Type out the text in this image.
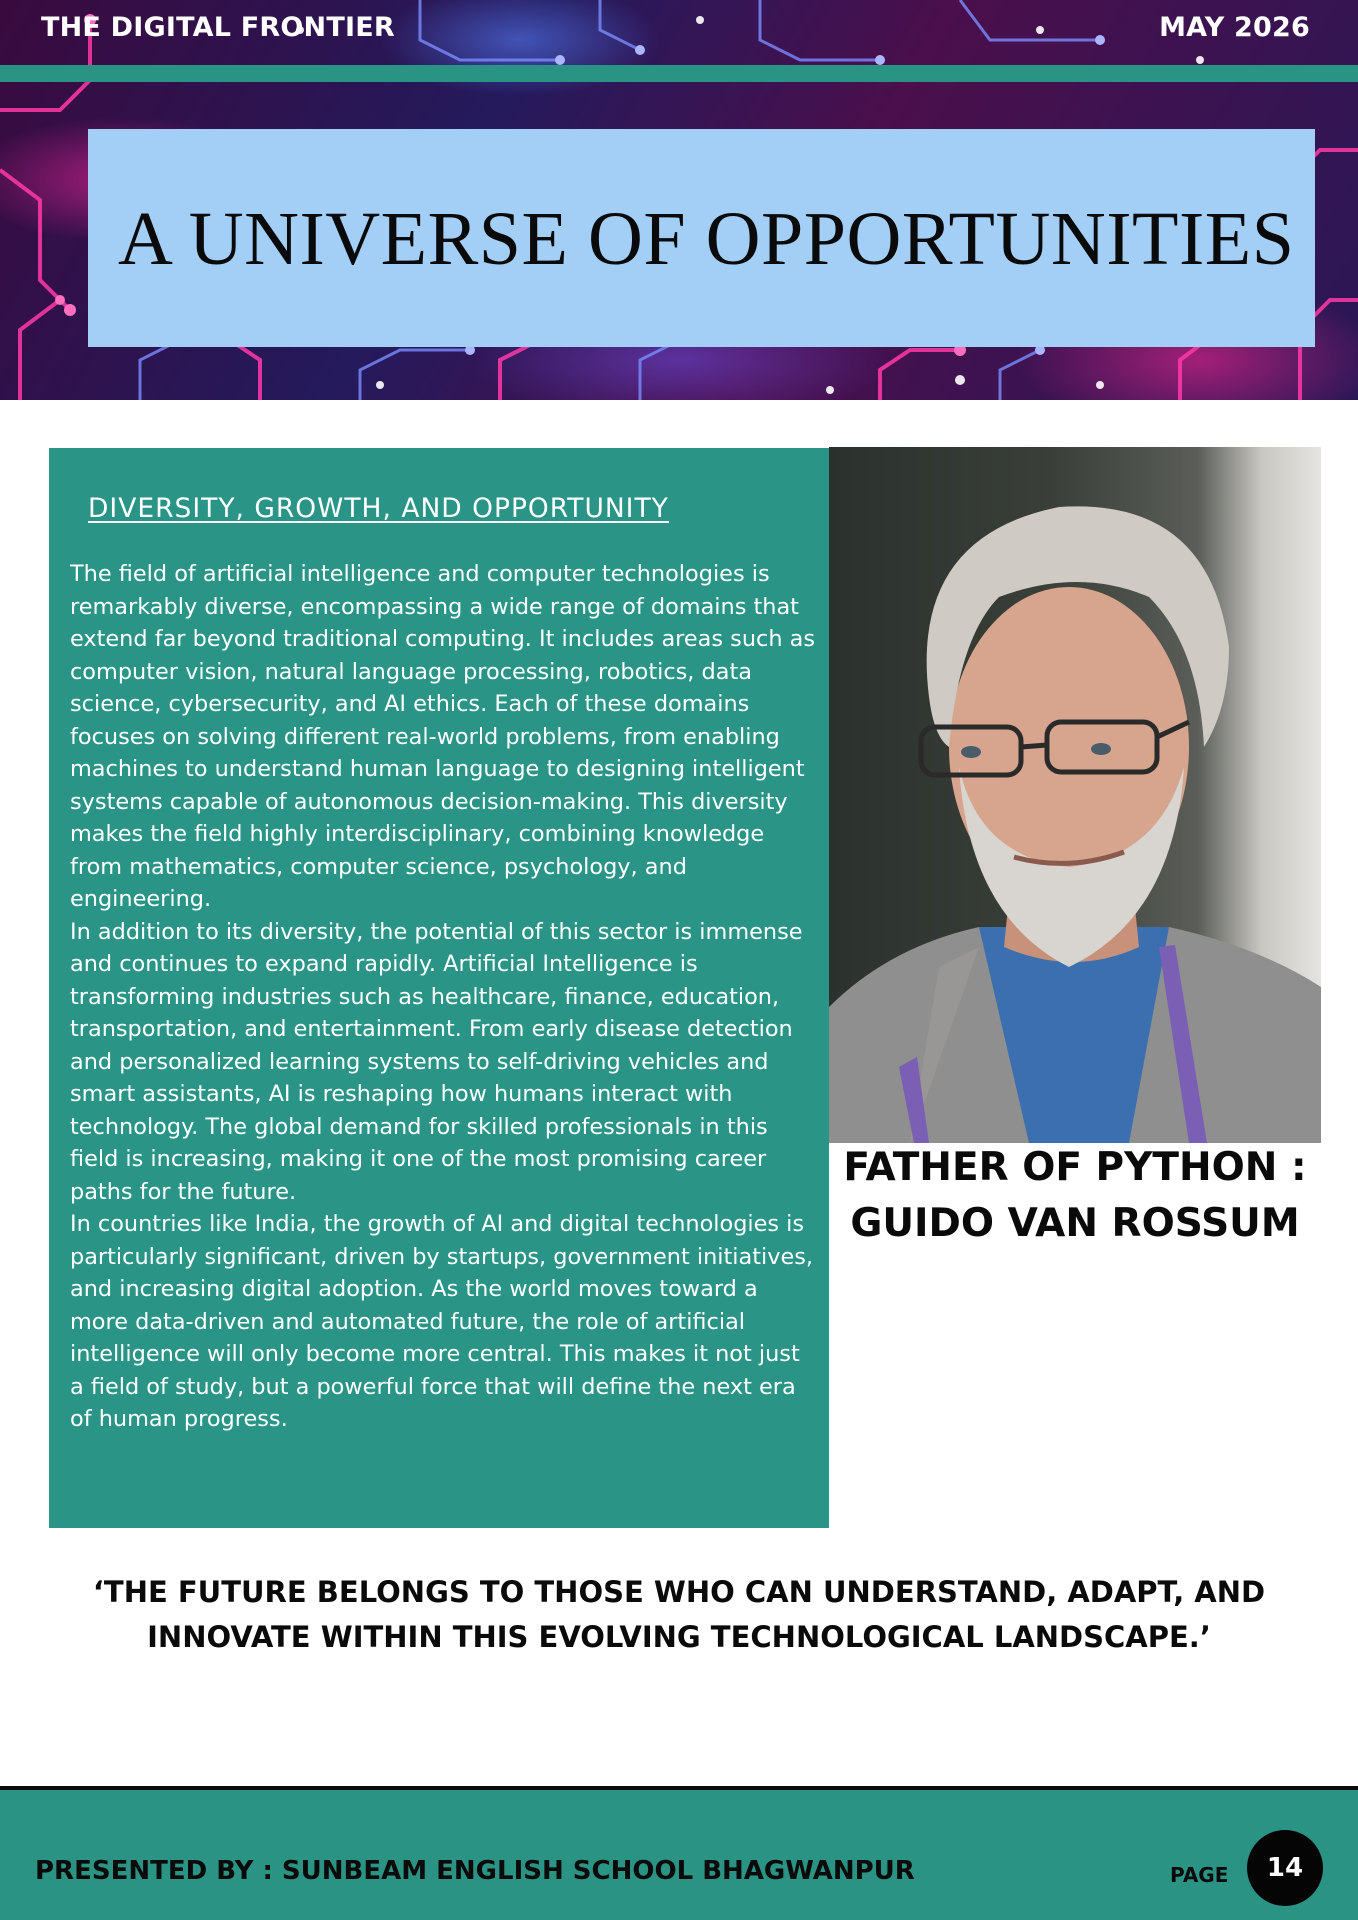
THE DIGITAL FRONTIER	MAY 2026
A UNIVERSE OF OPPORTUNITIES
DIVERSITY, GROWTH, AND OPPORTUNITY

The field of artificial intelligence and computer technologies is remarkably diverse, encompassing a wide range of domains that extend far beyond traditional computing. It includes areas such as computer vision, natural language processing, robotics, data science, cybersecurity, and AI ethics. Each of these domains focuses on solving different real-world problems, from enabling machines to understand human language to designing intelligent systems capable of autonomous decision-making. This diversity makes the field highly interdisciplinary, combining knowledge from mathematics, computer science, psychology, and engineering.

In addition to its diversity, the potential of this sector is immense and continues to expand rapidly. Artificial Intelligence is transforming industries such as healthcare, finance, education, transportation, and entertainment. From early disease detection and personalized learning systems to self-driving vehicles and smart assistants, AI is reshaping how humans interact with technology. The global demand for skilled professionals in this field is increasing, making it one of the most promising career paths for the future.

In countries like India, the growth of AI and digital technologies is particularly significant, driven by startups, government initiatives, and increasing digital adoption. As the world moves toward a more data-driven and automated future, the role of artificial intelligence will only become more central. This makes it not just a field of study, but a powerful force that will define the next era of human progress.

FATHER OF PYTHON :
GUIDO VAN ROSSUM

‘THE FUTURE BELONGS TO THOSE WHO CAN UNDERSTAND, ADAPT, AND INNOVATE WITHIN THIS EVOLVING TECHNOLOGICAL LANDSCAPE.’

PRESENTED BY : SUNBEAM ENGLISH SCHOOL BHAGWANPUR	PAGE 14
